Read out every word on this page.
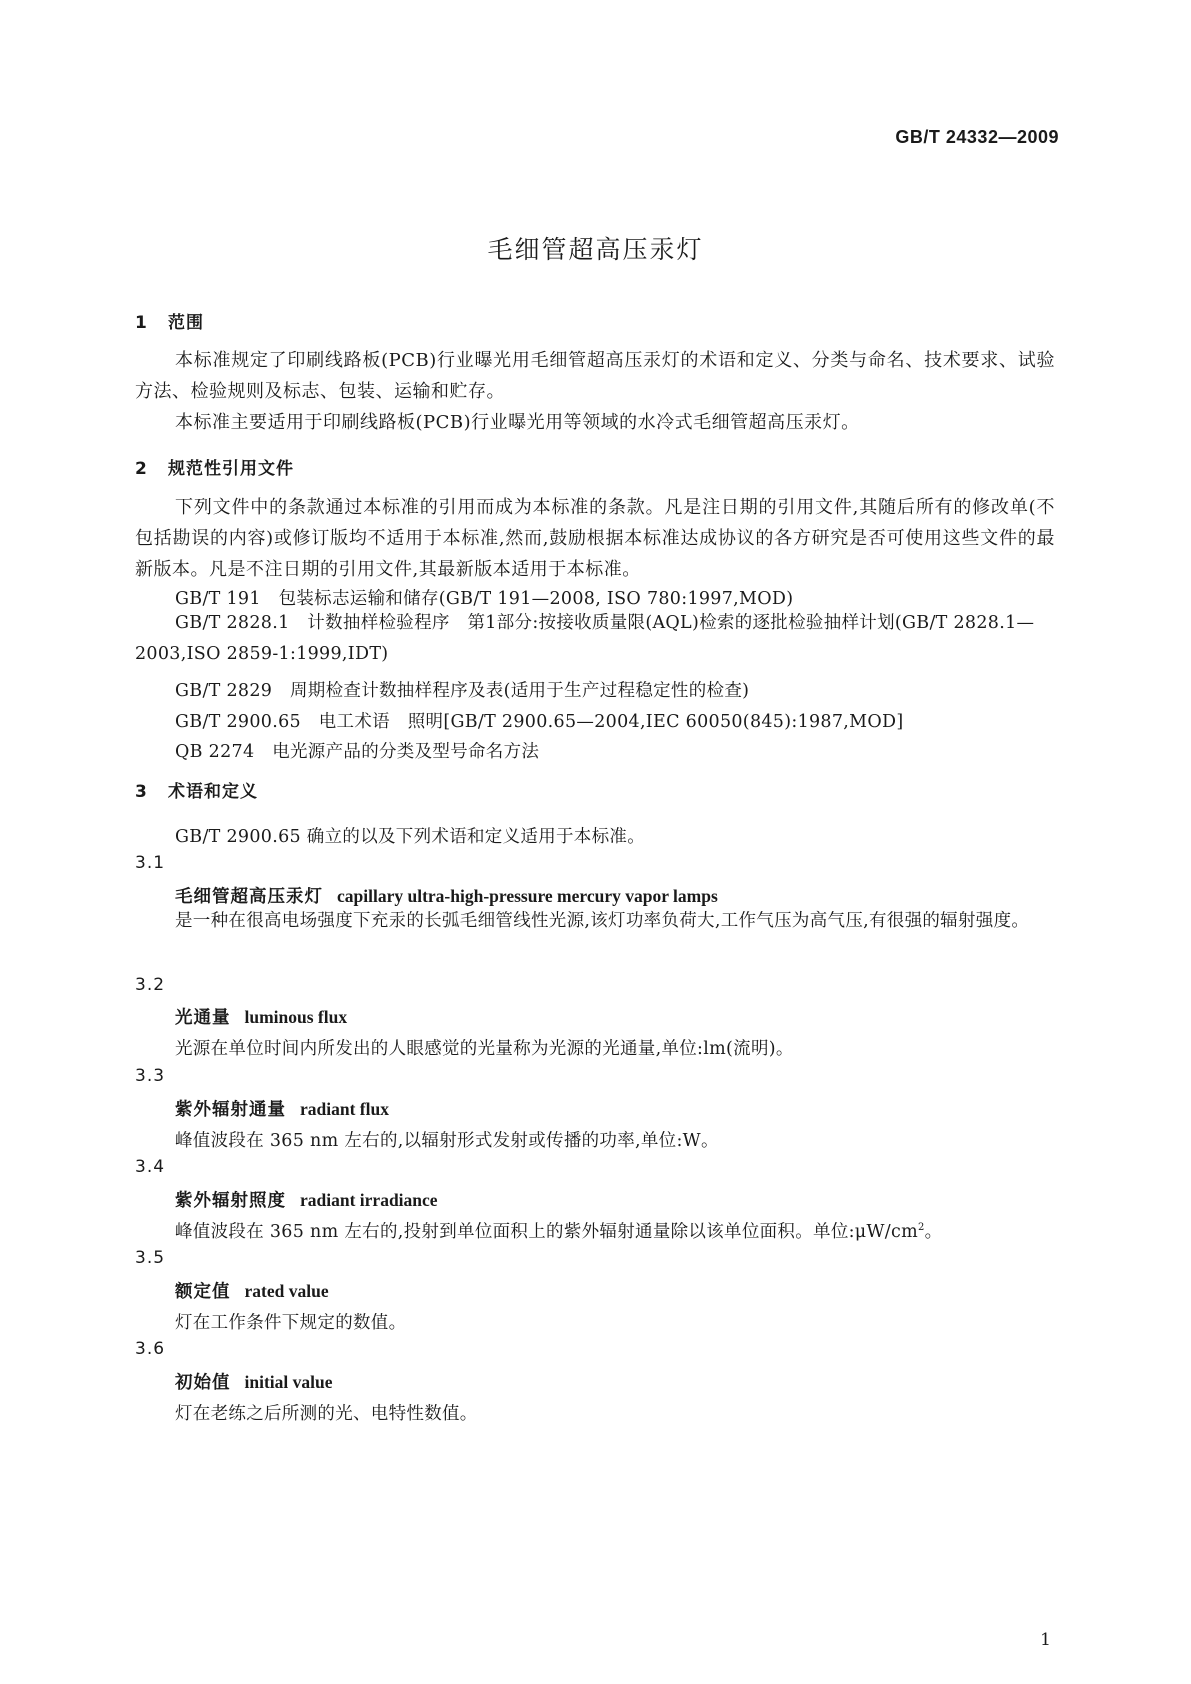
GB/T 24332—2009
毛细管超高压汞灯
1 范围
本标准规定了印刷线路板(PCB)行业曝光用毛细管超高压汞灯的术语和定义、分类与命名、技术要求、试验方法、检验规则及标志、包装、运输和贮存。
本标准主要适用于印刷线路板(PCB)行业曝光用等领域的水冷式毛细管超高压汞灯。
2 规范性引用文件
下列文件中的条款通过本标准的引用而成为本标准的条款。凡是注日期的引用文件,其随后所有的修改单(不包括勘误的内容)或修订版均不适用于本标准,然而,鼓励根据本标准达成协议的各方研究是否可使用这些文件的最新版本。凡是不注日期的引用文件,其最新版本适用于本标准。
GB/T 191　包装标志运输和储存(GB/T 191—2008, ISO 780:1997,MOD)
GB/T 2828.1　计数抽样检验程序　第1部分:按接收质量限(AQL)检索的逐批检验抽样计划(GB/T 2828.1—2003,ISO 2859-1:1999,IDT)
GB/T 2829　周期检查计数抽样程序及表(适用于生产过程稳定性的检查)
GB/T 2900.65　电工术语　照明[GB/T 2900.65—2004,IEC 60050(845):1987,MOD]
QB 2274　电光源产品的分类及型号命名方法
3 术语和定义
GB/T 2900.65 确立的以及下列术语和定义适用于本标准。
3.1
毛细管超高压汞灯 capillary ultra-high-pressure mercury vapor lamps
是一种在很高电场强度下充汞的长弧毛细管线性光源,该灯功率负荷大,工作气压为高气压,有很强的辐射强度。
3.2
光通量 luminous flux
光源在单位时间内所发出的人眼感觉的光量称为光源的光通量,单位:lm(流明)。
3.3
紫外辐射通量 radiant flux
峰值波段在 365 nm 左右的,以辐射形式发射或传播的功率,单位:W。
3.4
紫外辐射照度 radiant irradiance
峰值波段在 365 nm 左右的,投射到单位面积上的紫外辐射通量除以该单位面积。单位$:\mu W/cm^2$。
3.5
额定值 rated value
灯在工作条件下规定的数值。
3.6
初始值 initial value
灯在老练之后所测的光、电特性数值。
1
